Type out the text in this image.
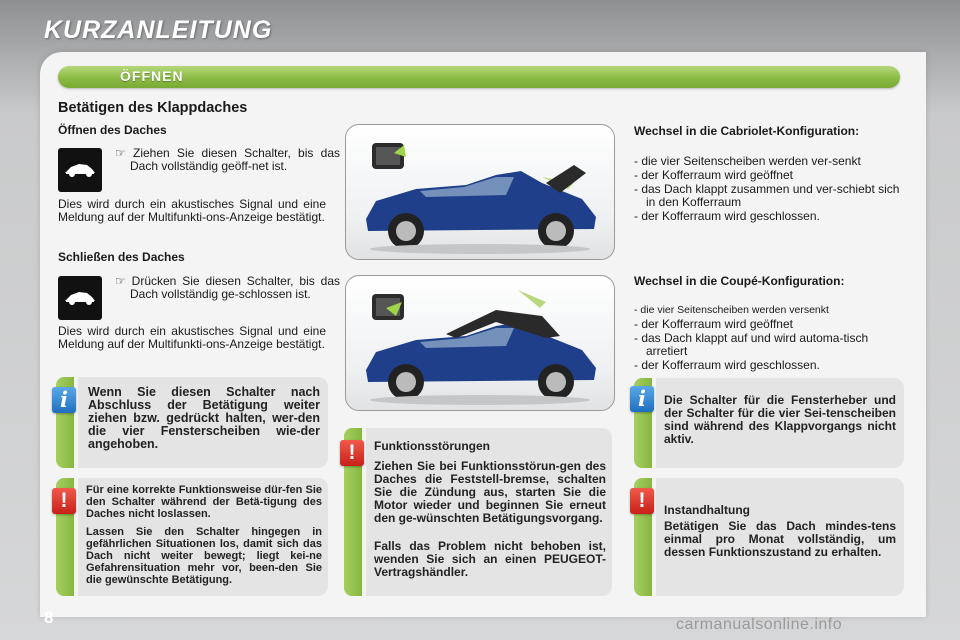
KURZANLEITUNG
ÖFFNEN
Betätigen des Klappdaches
Öffnen des Daches
☞ Ziehen Sie diesen Schalter, bis das Dach vollständig geöff-net ist.
Dies wird durch ein akustisches Signal und eine Meldung auf der Multifunkti-ons-Anzeige bestätigt.
Schließen des Daches
☞ Drücken Sie diesen Schalter, bis das Dach vollständig ge-schlossen ist.
Dies wird durch ein akustisches Signal und eine Meldung auf der Multifunkti-ons-Anzeige bestätigt.
Wechsel in die Cabriolet-Konfiguration:
- die vier Seitenscheiben werden ver-senkt
- der Kofferraum wird geöffnet
- das Dach klappt zusammen und ver-schiebt sich in den Kofferraum
- der Kofferraum wird geschlossen.
Wechsel in die Coupé-Konfiguration:
- die vier Seitenscheiben werden versenkt
- der Kofferraum wird geöffnet
- das Dach klappt auf und wird automa-tisch arretiert
- der Kofferraum wird geschlossen.
i	Wenn Sie diesen Schalter nach Abschluss der Betätigung weiter ziehen bzw. gedrückt halten, wer-den die vier Fensterscheiben wie-der angehoben.
!	Für eine korrekte Funktionsweise dür-fen Sie den Schalter während der Betä-tigung des Daches nicht loslassen.
Lassen Sie den Schalter hingegen in gefährlichen Situationen los, damit sich das Dach nicht weiter bewegt; liegt kei-ne Gefahrensituation mehr vor, been-den Sie die gewünschte Betätigung.
!	Funktionsstörungen
Ziehen Sie bei Funktionsstörun-gen des Daches die Feststell-bremse, schalten Sie die Zündung aus, starten Sie die Motor wieder und beginnen Sie erneut den ge-wünschten Betätigungsvorgang.
Falls das Problem nicht behoben ist, wenden Sie sich an einen PEUGEOT-Vertragshändler.
i	Die Schalter für die Fensterheber und der Schalter für die vier Sei-tenscheiben sind während des Klappvorgangs nicht aktiv.
!	Instandhaltung
Betätigen Sie das Dach mindes-tens einmal pro Monat vollständig, um dessen Funktionszustand zu erhalten.
8	carmanualsonline.info
